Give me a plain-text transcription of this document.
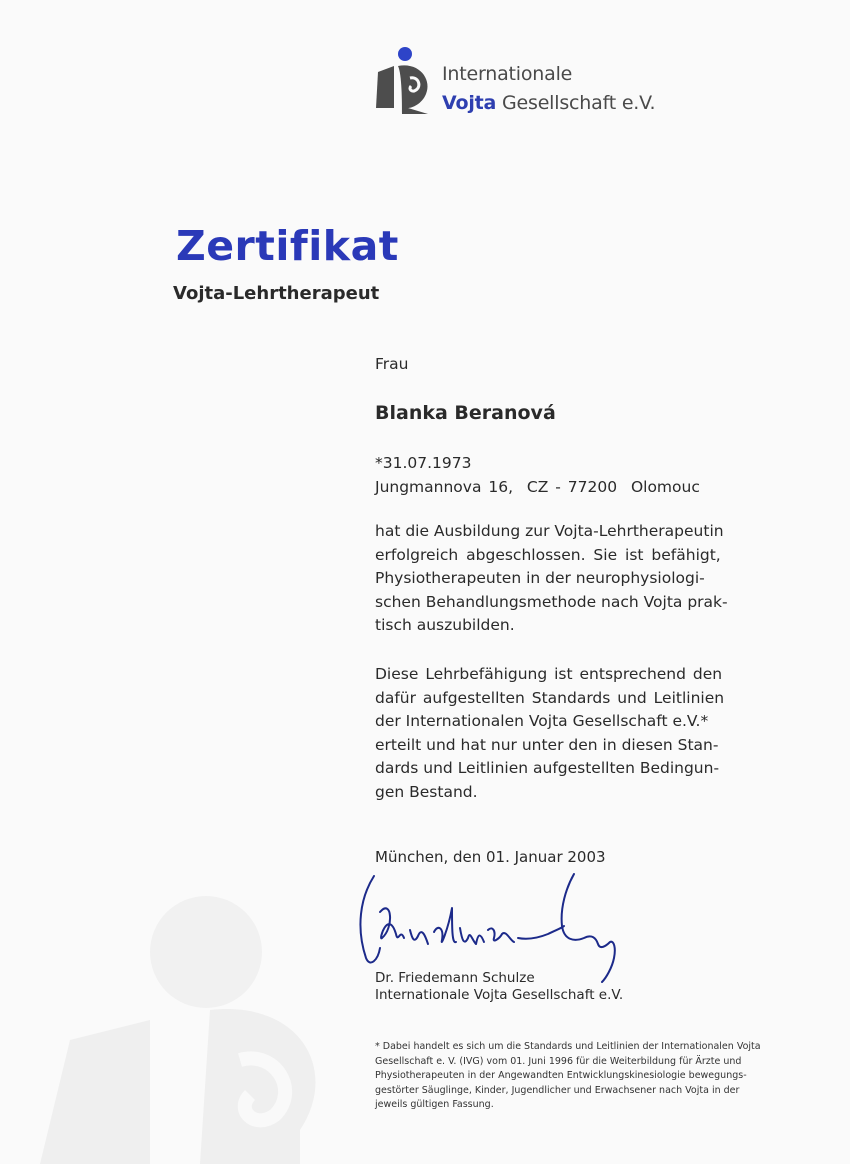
Internationale
Vojta Gesellschaft e.V.
Zertifikat
Vojta-Lehrtherapeut
Frau
Blanka Beranová
*31.07.1973
Jungmannova 16,  CZ - 77200  Olomouc
hat die Ausbildung zur Vojta-Lehrtherapeutin
erfolgreich abgeschlossen. Sie ist befähigt,
Physiotherapeuten in der neurophysiologi-
schen Behandlungsmethode nach Vojta prak-
tisch auszubilden.
Diese Lehrbefähigung ist entsprechend den
dafür aufgestellten Standards und Leitlinien
der Internationalen Vojta Gesellschaft e.V.*
erteilt und hat nur unter den in diesen Stan-
dards und Leitlinien aufgestellten Bedingun-
gen Bestand.
München, den 01. Januar 2003
Dr. Friedemann Schulze
Internationale Vojta Gesellschaft e.V.
* Dabei handelt es sich um die Standards und Leitlinien der Internationalen Vojta
Gesellschaft e. V. (IVG) vom 01. Juni 1996 für die Weiterbildung für Ärzte und
Physiotherapeuten in der Angewandten Entwicklungskinesiologie bewegungs-
gestörter Säuglinge, Kinder, Jugendlicher und Erwachsener nach Vojta in der
jeweils gültigen Fassung.
